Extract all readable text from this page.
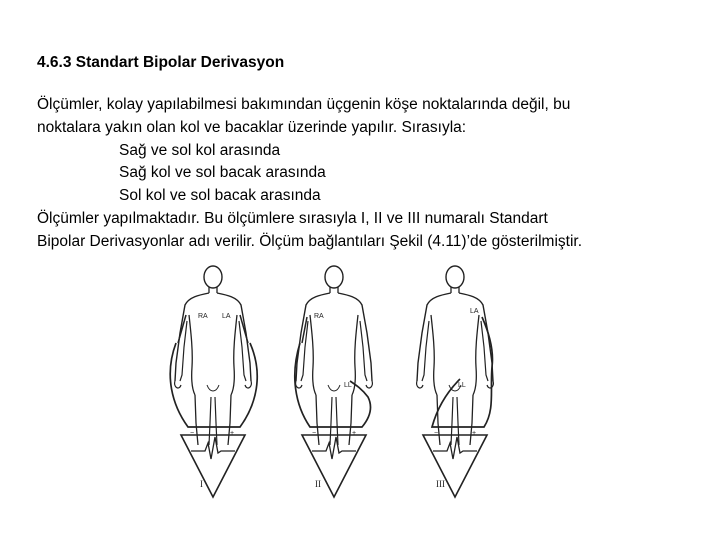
4.6.3 Standart Bipolar Derivasyon
Ölçümler, kolay yapılabilmesi bakımından üçgenin köşe noktalarında değil, bu
noktalara yakın olan kol ve bacaklar üzerinde yapılır. Sırasıyla:
Sağ ve sol kol arasında
Sağ kol ve sol bacak arasında
Sol kol ve sol bacak arasında
Ölçümler yapılmaktadır. Bu ölçümlere sırasıyla I, II ve III numaralı Standart
Bipolar Derivasyonlar adı verilir. Ölçüm bağlantıları Şekil (4.11)’de gösterilmiştir.
RA LA
−	+
I
RA
LL
−	+
II
LA
LL
−	+
III
